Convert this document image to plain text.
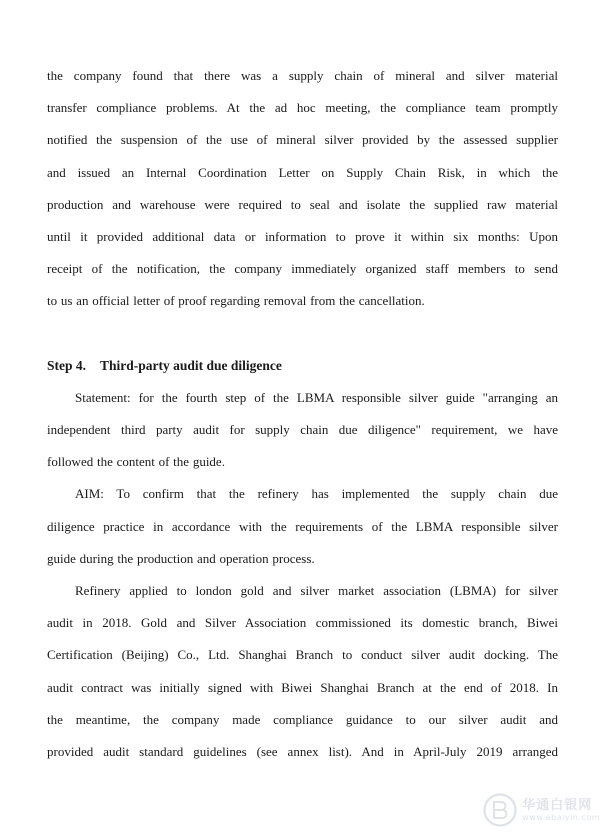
the company found that there was a supply chain of mineral and silver material
transfer compliance problems. At the ad hoc meeting, the compliance team promptly
notified the suspension of the use of mineral silver provided by the assessed supplier
and issued an Internal Coordination Letter on Supply Chain Risk, in which the
production and warehouse were required to seal and isolate the supplied raw material
until it provided additional data or information to prove it within six months: Upon
receipt of the notification, the company immediately organized staff members to send
to us an official letter of proof regarding removal from the cancellation.
Step 4. Third-party audit due diligence
Statement: for the fourth step of the LBMA responsible silver guide "arranging an
independent third party audit for supply chain due diligence" requirement, we have
followed the content of the guide.
AIM: To confirm that the refinery has implemented the supply chain due
diligence practice in accordance with the requirements of the LBMA responsible silver
guide during the production and operation process.
Refinery applied to london gold and silver market association (LBMA) for silver
audit in 2018. Gold and Silver Association commissioned its domestic branch, Biwei
Certification (Beijing) Co., Ltd. Shanghai Branch to conduct silver audit docking. The
audit contract was initially signed with Biwei Shanghai Branch at the end of 2018. In
the meantime, the company made compliance guidance to our silver audit and
provided audit standard guidelines (see annex list). And in April-July 2019 arranged
华通白银网
www.ebaiyin.com
